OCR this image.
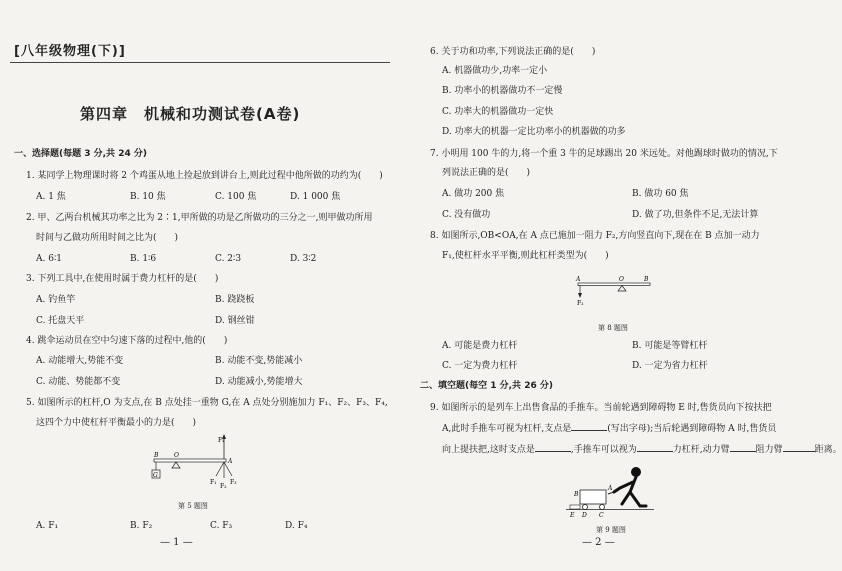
[八年级物理(下)]
第四章　机械和功测试卷(A卷)
一、选择题(每题 3 分,共 24 分)
1. 某同学上物理课时将 2 个鸡蛋从地上捡起放到讲台上,则此过程中他所做的功约为(　　)
A. 1 焦	B. 10 焦	C. 100 焦	D. 1 000 焦
2. 甲、乙两台机械其功率之比为 2∶1,甲所做的功是乙所做功的三分之一,则甲做功所用
时间与乙做功所用时间之比为(　　)
A. 6∶1	B. 1∶6	C. 2∶3	D. 3∶2
3. 下列工具中,在使用时属于费力杠杆的是(　　)
A. 钓鱼竿	B. 跷跷板
C. 托盘天平	D. 钢丝钳
4. 跳伞运动员在空中匀速下落的过程中,他的(　　)
A. 动能增大,势能不变	B. 动能不变,势能减小
C. 动能、势能都不变	D. 动能减小,势能增大
5. 如图所示的杠杆,O 为支点,在 B 点处挂一重物 G,在 A 点处分别施加力 F₁、F₂、F₃、F₄,
这四个力中使杠杆平衡最小的力是(　　)
F₄
O
B
A
G
F₁
F₂
F₃
第 5 题图
A. F₁	B. F₂	C. F₃	D. F₄
— 1 —
6. 关于功和功率,下列说法正确的是(　　)
A. 机器做功少,功率一定小
B. 功率小的机器做功不一定慢
C. 功率大的机器做功一定快
D. 功率大的机器一定比功率小的机器做的功多
7. 小明用 100 牛的力,将一个重 3 牛的足球踢出 20 米远处。对他踢球时做功的情况,下
列说法正确的是(　　)
A. 做功 200 焦	B. 做功 60 焦
C. 没有做功	D. 做了功,但条件不足,无法计算
8. 如图所示,OB<OA,在 A 点已施加一阻力 F₂,方向竖直向下,现在在 B 点加一动力
F₁,使杠杆水平平衡,则此杠杆类型为(　　)
A	O	B
F₂
第 8 题图
A. 可能是费力杠杆	B. 可能是等臂杠杆
C. 一定为费力杠杆	D. 一定为省力杠杆
二、填空题(每空 1 分,共 26 分)
9. 如图所示的是列车上出售食品的手推车。当前轮遇到障碍物 E 时,售货员向下按扶把
A,此时手推车可视为杠杆,支点是	(写出字母);当后轮遇到障碍物 A 时,售货员
向上提扶把,这时支点是	,手推车可以视为	力杠杆,动力臂	阻力臂	距离。
E D C
B
A
第 9 题图
— 2 —
